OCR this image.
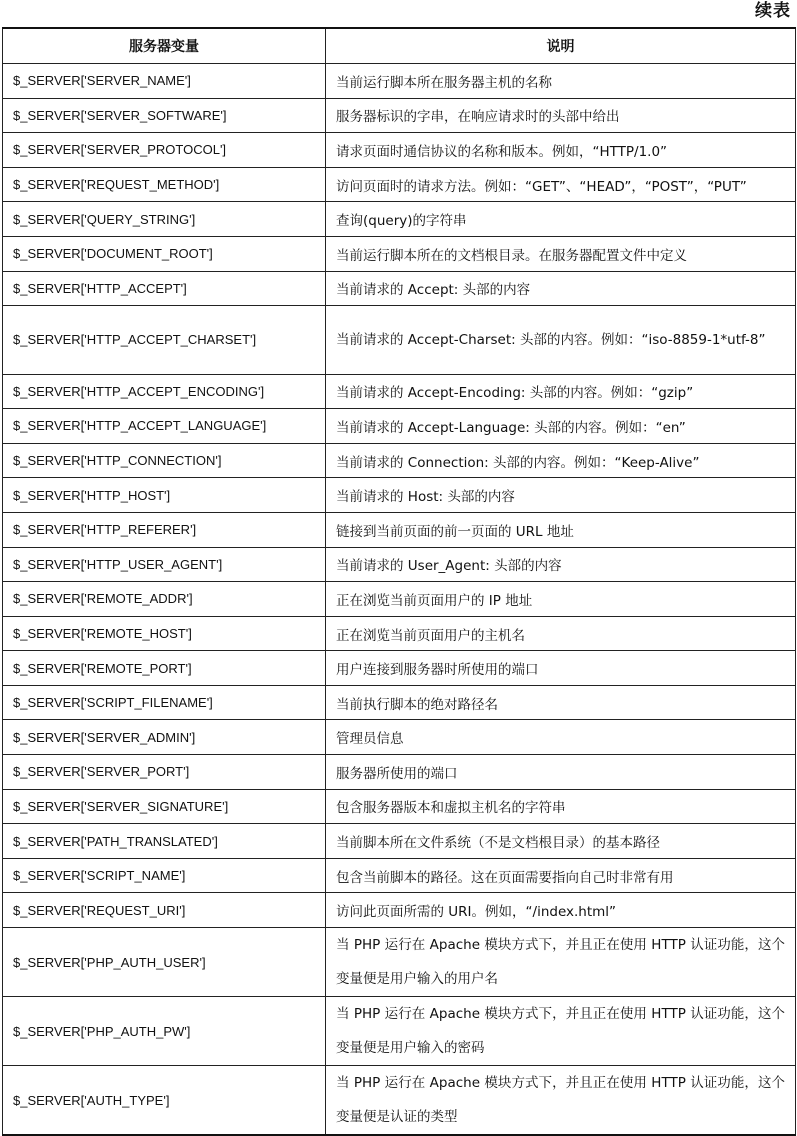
续表
服务器变量	说明
$_SERVER['SERVER_NAME']	当前运行脚本所在服务器主机的名称
$_SERVER['SERVER_SOFTWARE']	服务器标识的字串，在响应请求时的头部中给出
$_SERVER['SERVER_PROTOCOL']	请求页面时通信协议的名称和版本。例如，“HTTP/1.0”
$_SERVER['REQUEST_METHOD']	访问页面时的请求方法。例如：“GET”、“HEAD”，“POST”，“PUT”
$_SERVER['QUERY_STRING']	查询(query)的字符串
$_SERVER['DOCUMENT_ROOT']	当前运行脚本所在的文档根目录。在服务器配置文件中定义
$_SERVER['HTTP_ACCEPT']	当前请求的 Accept: 头部的内容
$_SERVER['HTTP_ACCEPT_CHARSET']	当前请求的 Accept-Charset: 头部的内容。例如：“iso-8859-1*utf-8”
$_SERVER['HTTP_ACCEPT_ENCODING']	当前请求的 Accept-Encoding: 头部的内容。例如：“gzip”
$_SERVER['HTTP_ACCEPT_LANGUAGE']	当前请求的 Accept-Language: 头部的内容。例如：“en”
$_SERVER['HTTP_CONNECTION']	当前请求的 Connection: 头部的内容。例如：“Keep-Alive”
$_SERVER['HTTP_HOST']	当前请求的 Host: 头部的内容
$_SERVER['HTTP_REFERER']	链接到当前页面的前一页面的 URL 地址
$_SERVER['HTTP_USER_AGENT']	当前请求的 User_Agent: 头部的内容
$_SERVER['REMOTE_ADDR']	正在浏览当前页面用户的 IP 地址
$_SERVER['REMOTE_HOST']	正在浏览当前页面用户的主机名
$_SERVER['REMOTE_PORT']	用户连接到服务器时所使用的端口
$_SERVER['SCRIPT_FILENAME']	当前执行脚本的绝对路径名
$_SERVER['SERVER_ADMIN']	管理员信息
$_SERVER['SERVER_PORT']	服务器所使用的端口
$_SERVER['SERVER_SIGNATURE']	包含服务器版本和虚拟主机名的字符串
$_SERVER['PATH_TRANSLATED']	当前脚本所在文件系统（不是文档根目录）的基本路径
$_SERVER['SCRIPT_NAME']	包含当前脚本的路径。这在页面需要指向自己时非常有用
$_SERVER['REQUEST_URI']	访问此页面所需的 URI。例如，“/index.html”
$_SERVER['PHP_AUTH_USER']	当 PHP 运行在 Apache 模块方式下，并且正在使用 HTTP 认证功能，这个变量便是用户输入的用户名
$_SERVER['PHP_AUTH_PW']	当 PHP 运行在 Apache 模块方式下，并且正在使用 HTTP 认证功能，这个变量便是用户输入的密码
$_SERVER['AUTH_TYPE']	当 PHP 运行在 Apache 模块方式下，并且正在使用 HTTP 认证功能，这个变量便是认证的类型
